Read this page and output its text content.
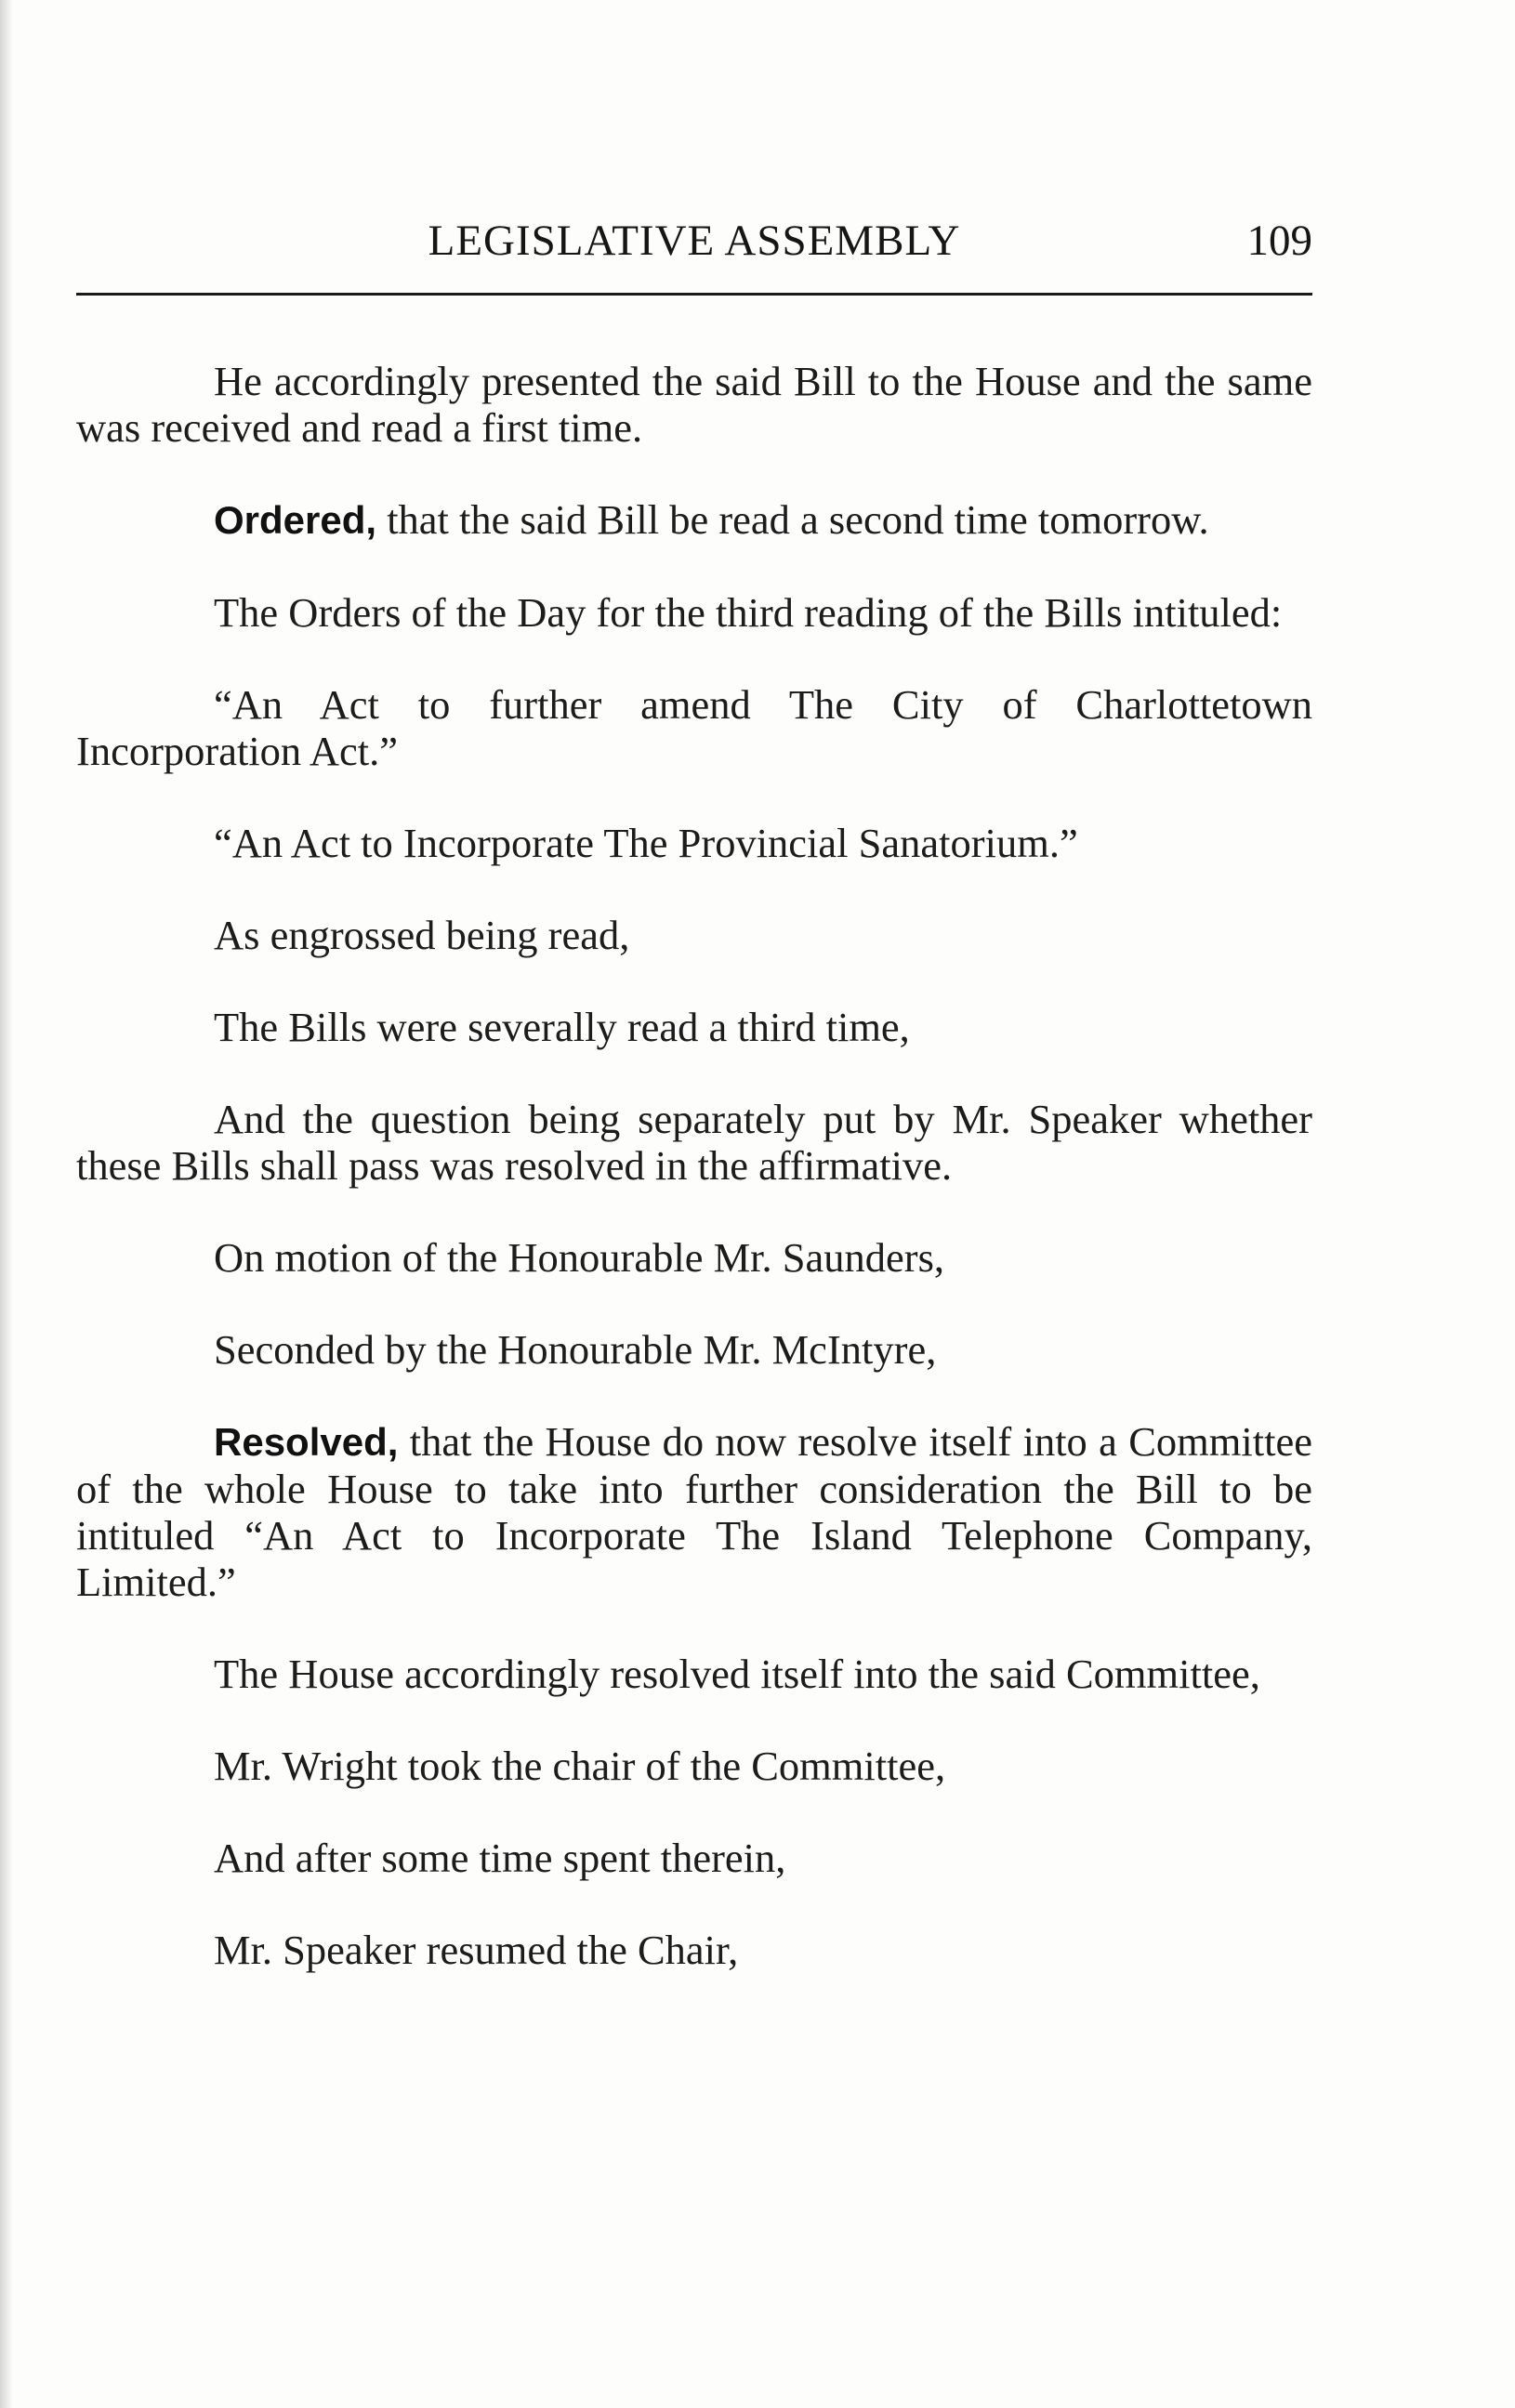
LEGISLATIVE ASSEMBLY	109

He accordingly presented the said Bill to the House and the same was received and read a first time.

Ordered, that the said Bill be read a second time tomorrow.

The Orders of the Day for the third reading of the Bills intituled:

“An Act to further amend The City of Charlottetown Incorporation Act.”

“An Act to Incorporate The Provincial Sanatorium.”

As engrossed being read,

The Bills were severally read a third time,

And the question being separately put by Mr. Speaker whether these Bills shall pass was resolved in the affirmative.

On motion of the Honourable Mr. Saunders,

Seconded by the Honourable Mr. McIntyre,

Resolved, that the House do now resolve itself into a Committee of the whole House to take into further consideration the Bill to be intituled “An Act to Incorporate The Island Telephone Company, Limited.”

The House accordingly resolved itself into the said Committee,

Mr. Wright took the chair of the Committee,

And after some time spent therein,

Mr. Speaker resumed the Chair,
